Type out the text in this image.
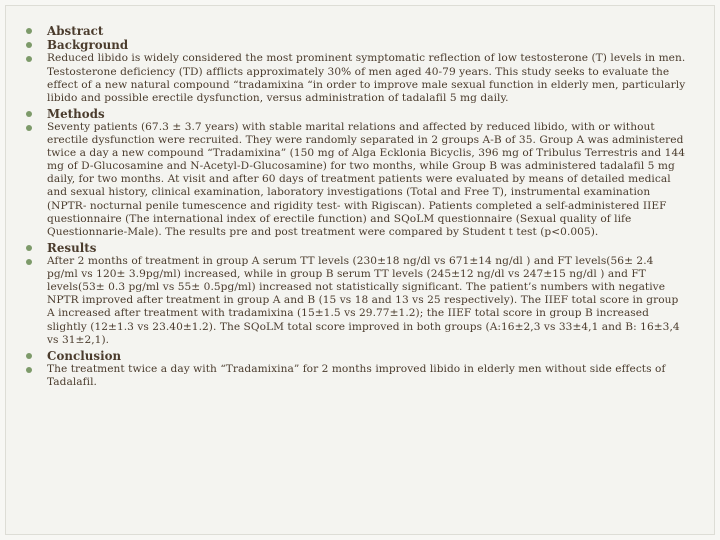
Abstract
Background
Reduced libido is widely considered the most prominent symptomatic reflection of low testosterone (T) levels in men. Testosterone deficiency (TD) afflicts approximately 30% of men aged 40-79 years. This study seeks to evaluate the effect of a new natural compound “tradamixina “in order to improve male sexual function in elderly men, particularly libido and possible erectile dysfunction, versus administration of tadalafil 5 mg daily.
Methods
Seventy patients (67.3 ± 3.7 years) with stable marital relations and affected by reduced libido, with or without erectile dysfunction were recruited. They were randomly separated in 2 groups A-B of 35. Group A was administered twice a day a new compound “Tradamixina” (150 mg of Alga Ecklonia Bicyclis, 396 mg of Tribulus Terrestris and 144 mg of D-Glucosamine and N-Acetyl-D-Glucosamine) for two months, while Group B was administered tadalafil 5 mg daily, for two months. At visit and after 60 days of treatment patients were evaluated by means of detailed medical and sexual history, clinical examination, laboratory investigations (Total and Free T), instrumental examination (NPTR- nocturnal penile tumescence and rigidity test- with Rigiscan). Patients completed a self-administered IIEF questionnaire (The international index of erectile function) and SQoLM questionnaire (Sexual quality of life Questionnarie-Male). The results pre and post treatment were compared by Student t test (p<0.005).
Results
After 2 months of treatment in group A serum TT levels (230±18 ng/dl vs 671±14 ng/dl ) and FT levels(56± 2.4 pg/ml vs 120± 3.9pg/ml) increased, while in group B serum TT levels (245±12 ng/dl vs 247±15 ng/dl ) and FT levels(53± 0.3 pg/ml vs 55± 0.5pg/ml) increased not statistically significant. The patient’s numbers with negative NPTR improved after treatment in group A and B (15 vs 18 and 13 vs 25 respectively). The IIEF total score in group A increased after treatment with tradamixina (15±1.5 vs 29.77±1.2); the IIEF total score in group B increased slightly (12±1.3 vs 23.40±1.2). The SQoLM total score improved in both groups (A:16±2,3 vs 33±4,1 and B: 16±3,4 vs 31±2,1).
Conclusion
The treatment twice a day with “Tradamixina” for 2 months improved libido in elderly men without side effects of Tadalafil.
